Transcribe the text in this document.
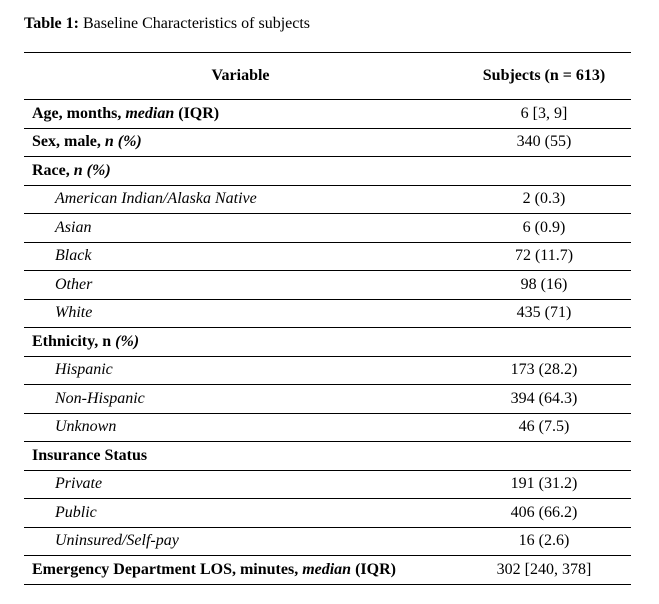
Table 1: Baseline Characteristics of subjects
Variable	Subjects (n = 613)
Age, months, median (IQR)	6 [3, 9]
Sex, male, n (%)	340 (55)
Race, n (%)	
American Indian/Alaska Native	2 (0.3)
Asian	6 (0.9)
Black	72 (11.7)
Other	98 (16)
White	435 (71)
Ethnicity, n (%)	
Hispanic	173 (28.2)
Non-Hispanic	394 (64.3)
Unknown	46 (7.5)
Insurance Status	
Private	191 (31.2)
Public	406 (66.2)
Uninsured/Self-pay	16 (2.6)
Emergency Department LOS, minutes, median (IQR)	302 [240, 378]
